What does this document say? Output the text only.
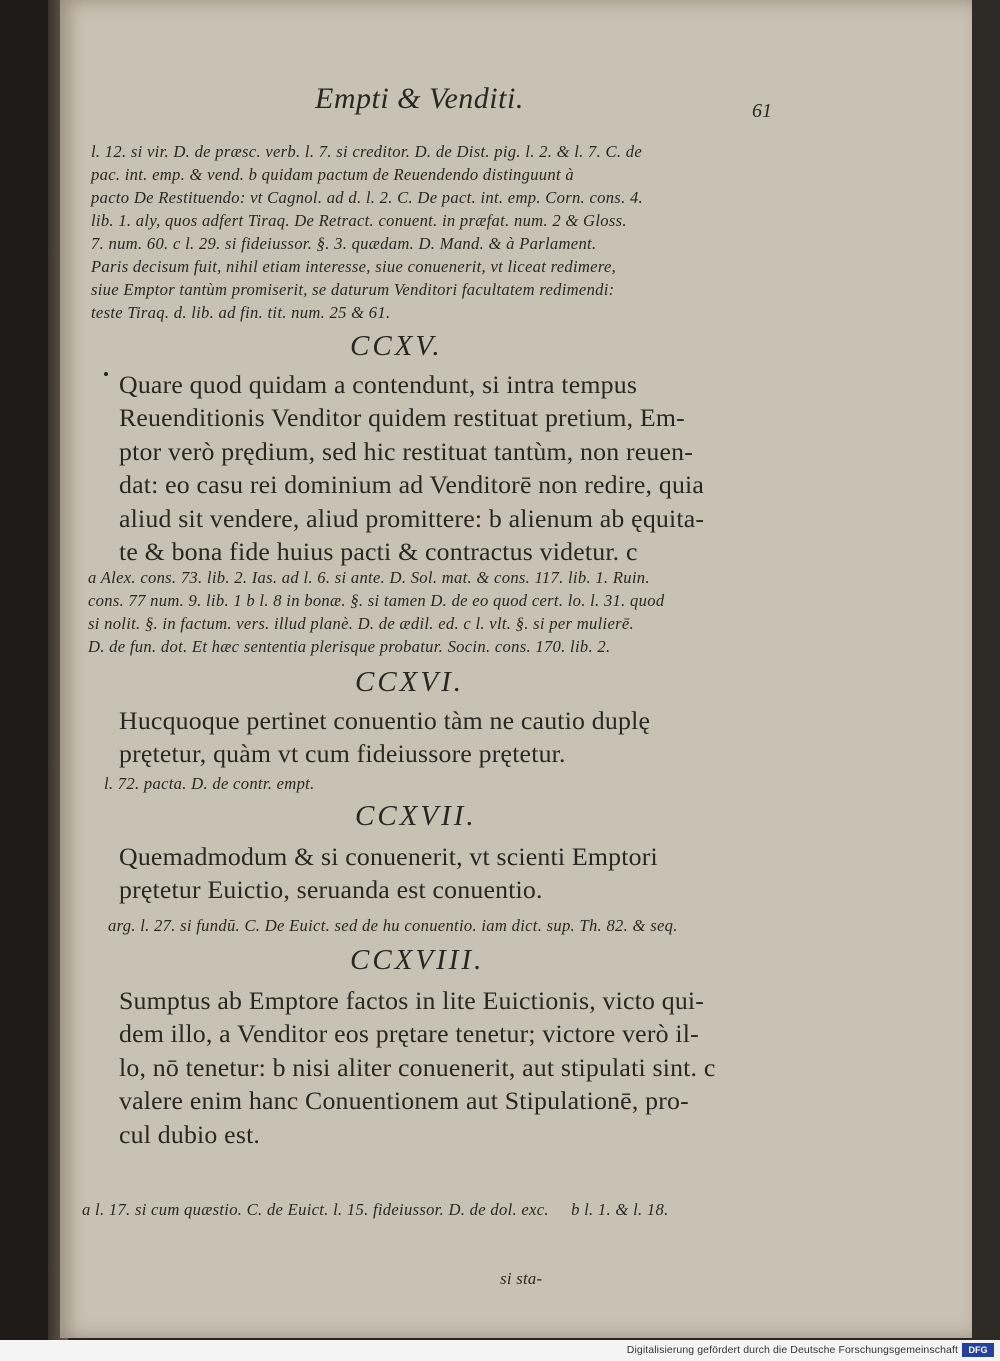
Empti & Venditi.	61
l. 12. si vir. D. de præsc. verb. l. 7. si creditor. D. de Dist. pig. l. 2. & l. 7. C. de
pac. int. emp. & vend. b quidam pactum de Reuendendo distinguunt à
pacto De Restituendo: vt Cagnol. ad d. l. 2. C. De pact. int. emp. Corn. cons. 4.
lib. 1. aly, quos adfert Tiraq. De Retract. conuent. in præfat. num. 2 & Gloss.
7. num. 60. c l. 29. si fideiussor. §. 3. quædam. D. Mand. & à Parlament.
Paris decisum fuit, nihil etiam interesse, siue conuenerit, vt liceat redimere,
siue Emptor tantùm promiserit, se daturum Venditori facultatem redimendi:
teste Tiraq. d. lib. ad fin. tit. num. 25 & 61.
CCXV.
Quare quod quidam a contendunt, si intra tempus
Reuenditionis Venditor quidem restituat pretium, Em-
ptor verò prędium, sed hic restituat tantùm, non reuen-
dat: eo casu rei dominium ad Venditorē non redire, quia
aliud sit vendere, aliud promittere: b alienum ab ęquita-
te & bona fide huius pacti & contractus videtur. c
a Alex. cons. 73. lib. 2. Ias. ad l. 6. si ante. D. Sol. mat. & cons. 117. lib. 1. Ruin.
cons. 77 num. 9. lib. 1 b l. 8 in bonæ. §. si tamen D. de eo quod cert. lo. l. 31. quod
si nolit. §. in factum. vers. illud planè. D. de ædil. ed. c l. vlt. §. si per mulierē.
D. de fun. dot. Et hæc sententia plerisque probatur. Socin. cons. 170. lib. 2.
CCXVI.
Hucquoque pertinet conuentio tàm ne cautio duplę
prętetur, quàm vt cum fideiussore prętetur.
l. 72. pacta. D. de contr. empt.
CCXVII.
Quemadmodum & si conuenerit, vt scienti Emptori
prętetur Euictio, seruanda est conuentio.
arg. l. 27. si fundū. C. De Euict. sed de hu conuentio. iam dict. sup. Th. 82. & seq.
CCXVIII.
Sumptus ab Emptore factos in lite Euictionis, victo qui-
dem illo, a Venditor eos prętare tenetur; victore verò il-
lo, nō tenetur: b nisi aliter conuenerit, aut stipulati sint. c
valere enim hanc Conuentionem aut Stipulationē, pro-
cul dubio est.

a l. 17. si cum quæstio. C. de Euict. l. 15. fideiussor. D. de dol. exc.     b l. 1. & l. 18.

si sta-

Digitalisierung gefördert durch die Deutsche Forschungsgemeinschaft	DFG
